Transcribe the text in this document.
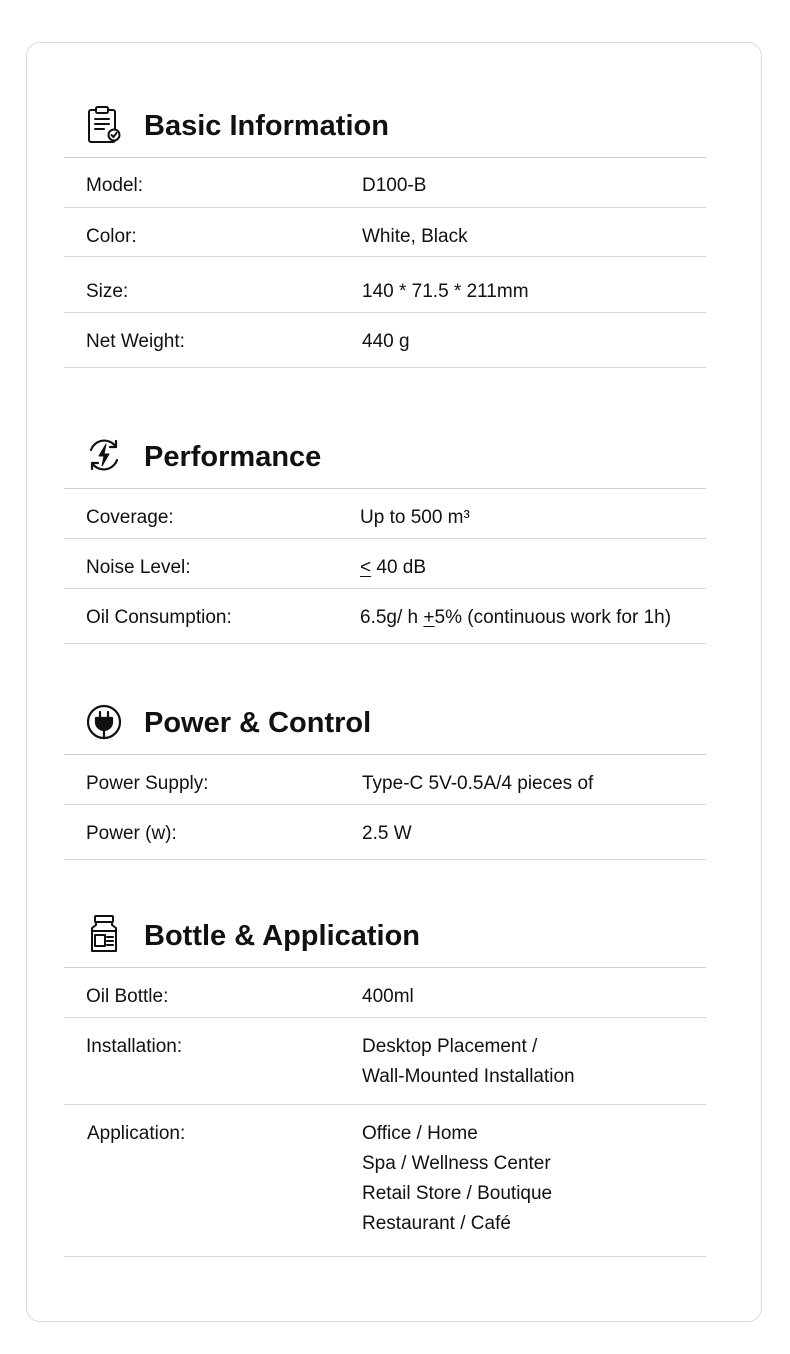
Basic Information
Model:	D100-B
Color:	White, Black
Size:	140 * 71.5 * 211mm
Net Weight:	440 g
Performance
Coverage:	Up to 500 m³
Noise Level:	< 40 dB
Oil Consumption:	6.5g/ h +5% (continuous work for 1h)
Power & Control
Power Supply:	Type-C 5V-0.5A/4 pieces of
Power (w):	2.5 W
Bottle & Application
Oil Bottle:	400ml
Installation:	Desktop Placement /
Wall-Mounted Installation
Application:	Office / Home
Spa / Wellness Center
Retail Store / Boutique
Restaurant / Café
